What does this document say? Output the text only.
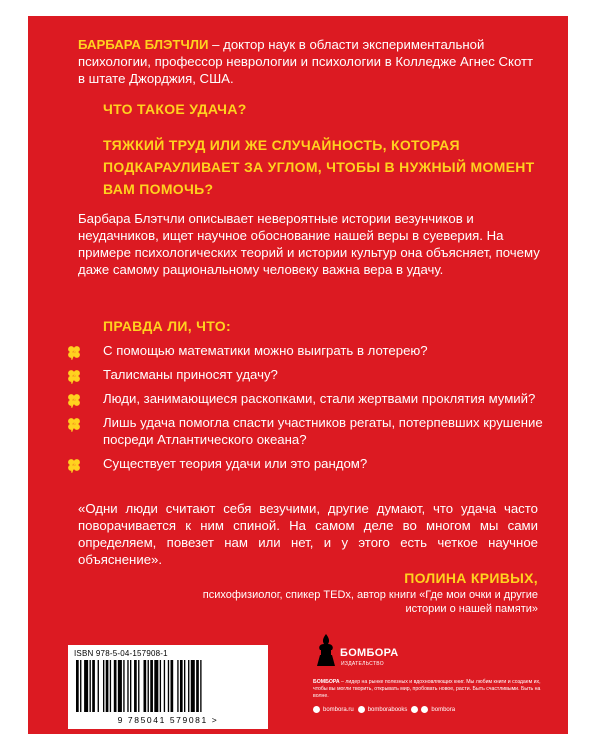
БАРБАРА БЛЭТЧЛИ – доктор наук в области экспериментальной психологии, профессор неврологии и психологии в Колледже Агнес Скотт в штате Джорджия, США.
ЧТО ТАКОЕ УДАЧА?
ТЯЖКИЙ ТРУД ИЛИ ЖЕ СЛУЧАЙНОСТЬ, КОТОРАЯ ПОДКАРАУЛИВАЕТ ЗА УГЛОМ, ЧТОБЫ В НУЖНЫЙ МОМЕНТ ВАМ ПОМОЧЬ?
Барбара Блэтчли описывает невероятные истории везунчиков и неудачников, ищет научное обоснование нашей веры в суеверия. На примере психологических теорий и истории культур она объясняет, почему даже самому рациональному человеку важна вера в удачу.
ПРАВДА ЛИ, ЧТО:
С помощью математики можно выиграть в лотерею?
Талисманы приносят удачу?
Люди, занимающиеся раскопками, стали жертвами проклятия мумий?
Лишь удача помогла спасти участников регаты, потерпевших крушение посреди Атлантического океана?
Существует теория удачи или это рандом?
«Одни люди считают себя везучими, другие думают, что удача часто поворачивается к ним спиной. На самом деле во многом мы сами определяем, повезет нам или нет, и у этого есть четкое научное объяснение».
ПОЛИНА КРИВЫХ,
психофизиолог, спикер TEDx, автор книги «Где мои очки и другие истории о нашей памяти»
ISBN 978-5-04-157908-1
9 785041 579081 >
БОМБОРА
ИЗДАТЕЛЬСТВО
БОМБОРА – лидер на рынке полезных и вдохновляющих книг. Мы любим книги и создаем их, чтобы вы могли творить, открывать мир, пробовать новое, расти. Быть счастливыми. Быть на волне.
bombora.ru bomborabooks	bombora
